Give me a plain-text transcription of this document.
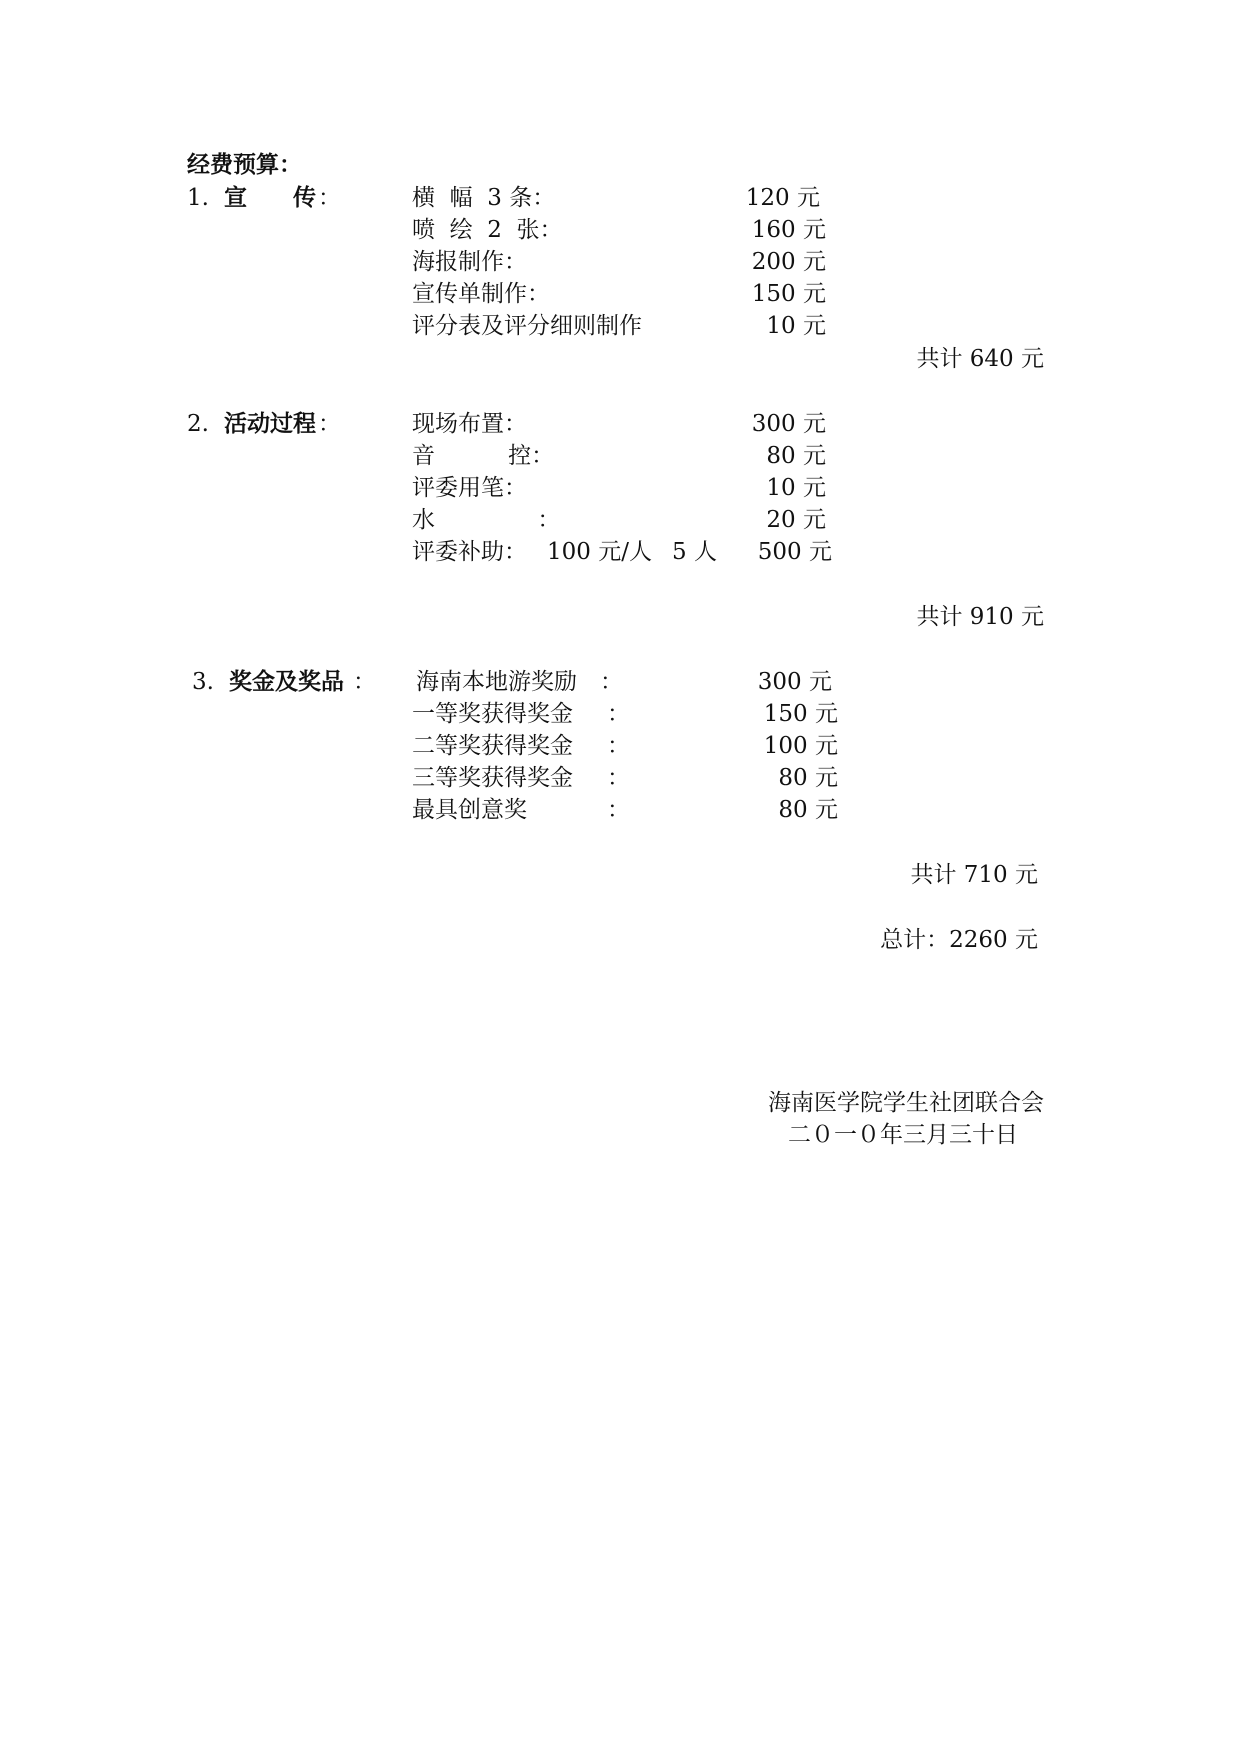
经费预算：
1. 宣　　传 ：	横  幅  3 条：	120 元
喷  绘  2  张：	160 元
海报制作：	200 元
宣传单制作：	150 元
评分表及评分细则制作	10 元
共计 640 元
2. 活动过程 ：	现场布置：	300 元
音          控：	80 元
评委用笔：	10 元
水              ：	20 元
评委补助： 100 元/人 5 人	500 元
共计 910 元
3. 奖金及奖品 ： 海南本地游奖励 ：	300 元
一等奖获得奖金 ：	150 元
二等奖获得奖金 ：	100 元
三等奖获得奖金 ：	80 元
最具创意奖	：	80 元
共计 710 元
总计：2260 元
海南医学院学生社团联合会
二０一０年三月三十日
